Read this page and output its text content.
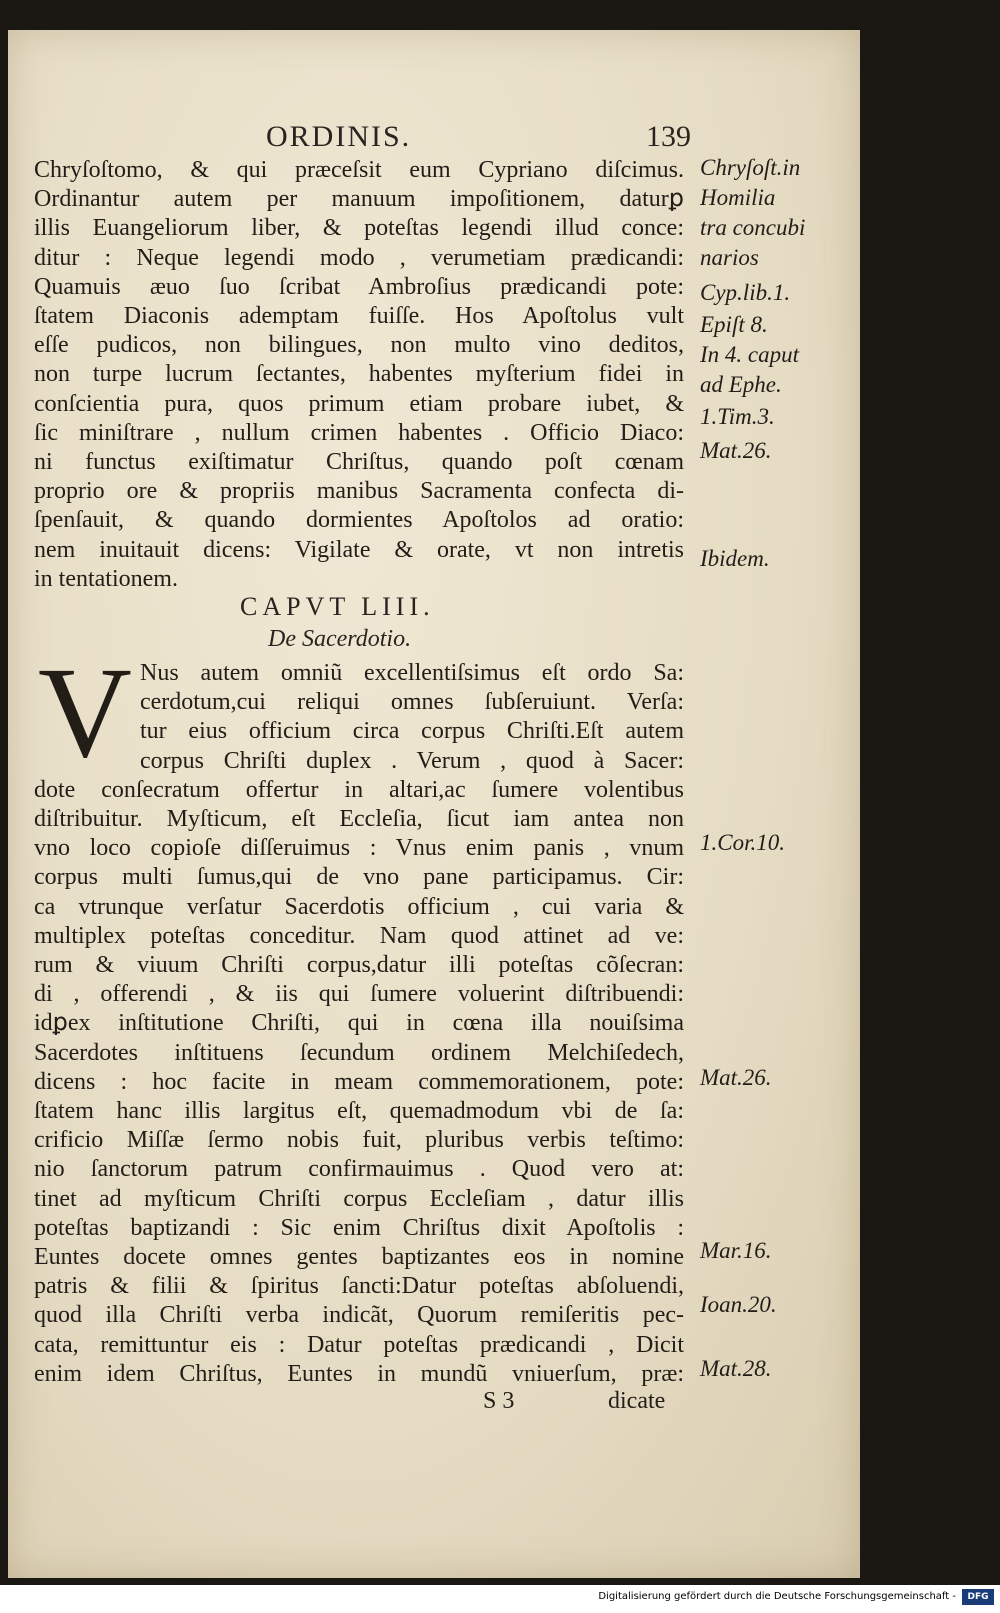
ORDINIS.	139
Chryſoſtomo, & qui præceſsit eum Cypriano diſcimus.
Ordinantur autem per manuum impoſitionem, daturꝑ
illis Euangeliorum liber, & poteſtas legendi illud conce:
ditur : Neque legendi modo , verumetiam prædicandi:
Quamuis æuo ſuo ſcribat Ambroſius prædicandi pote:
ſtatem Diaconis ademptam fuiſſe. Hos Apoſtolus vult
eſſe pudicos, non bilingues, non multo vino deditos,
non turpe lucrum ſectantes, habentes myſterium fidei in
conſcientia pura, quos primum etiam probare iubet, &
ſic miniſtrare , nullum crimen habentes . Officio Diaco:
ni functus exiſtimatur Chriſtus, quando poſt cœnam
proprio ore & propriis manibus Sacramenta confecta di-
ſpenſauit, & quando dormientes Apoſtolos ad oratio:
nem inuitauit dicens: Vigilate & orate, vt non intretis
in tentationem.
CAPVT LIII.
De Sacerdotio.
V Nus autem omniũ excellentiſsimus eſt ordo Sa:
cerdotum,cui reliqui omnes ſubſeruiunt. Verſa:
tur eius officium circa corpus Chriſti.Eſt autem
corpus Chriſti duplex . Verum , quod à Sacer:
dote conſecratum offertur in altari,ac ſumere volentibus
diſtribuitur. Myſticum, eſt Eccleſia, ſicut iam antea non
vno loco copioſe diſſeruimus : Vnus enim panis , vnum
corpus multi ſumus,qui de vno pane participamus. Cir:
ca vtrunque verſatur Sacerdotis officium , cui varia &
multiplex poteſtas conceditur. Nam quod attinet ad ve:
rum & viuum Chriſti corpus,datur illi poteſtas cõſecran:
di , offerendi , & iis qui ſumere voluerint diſtribuendi:
idꝑex inſtitutione Chriſti, qui in cœna illa nouiſsima
Sacerdotes inſtituens ſecundum ordinem Melchiſedech,
dicens : hoc facite in meam commemorationem, pote:
ſtatem hanc illis largitus eſt, quemadmodum vbi de ſa:
crificio Miſſæ ſermo nobis fuit, pluribus verbis teſtimo:
nio ſanctorum patrum confirmauimus . Quod vero at:
tinet ad myſticum Chriſti corpus Eccleſiam , datur illis
poteſtas baptizandi : Sic enim Chriſtus dixit Apoſtolis :
Euntes docete omnes gentes baptizantes eos in nomine
patris & filii & ſpiritus ſancti:Datur poteſtas abſoluendi,
quod illa Chriſti verba indicãt, Quorum remiſeritis pec-
cata, remittuntur eis : Datur poteſtas prædicandi , Dicit
enim idem Chriſtus, Euntes in mundũ vniuerſum, præ:
S 3	dicate
Chryſoſt.in
Homilia
tra concubi
narios
Cyp.lib.1.
Epiſt 8.
In 4. caput
ad Ephe.
1.Tim.3.
Mat.26.
Ibidem.
1.Cor.10.
Mat.26.
Mar.16.
Ioan.20.
Mat.28.
Digitalisierung gefördert durch die Deutsche Forschungsgemeinschaft -	DFG
